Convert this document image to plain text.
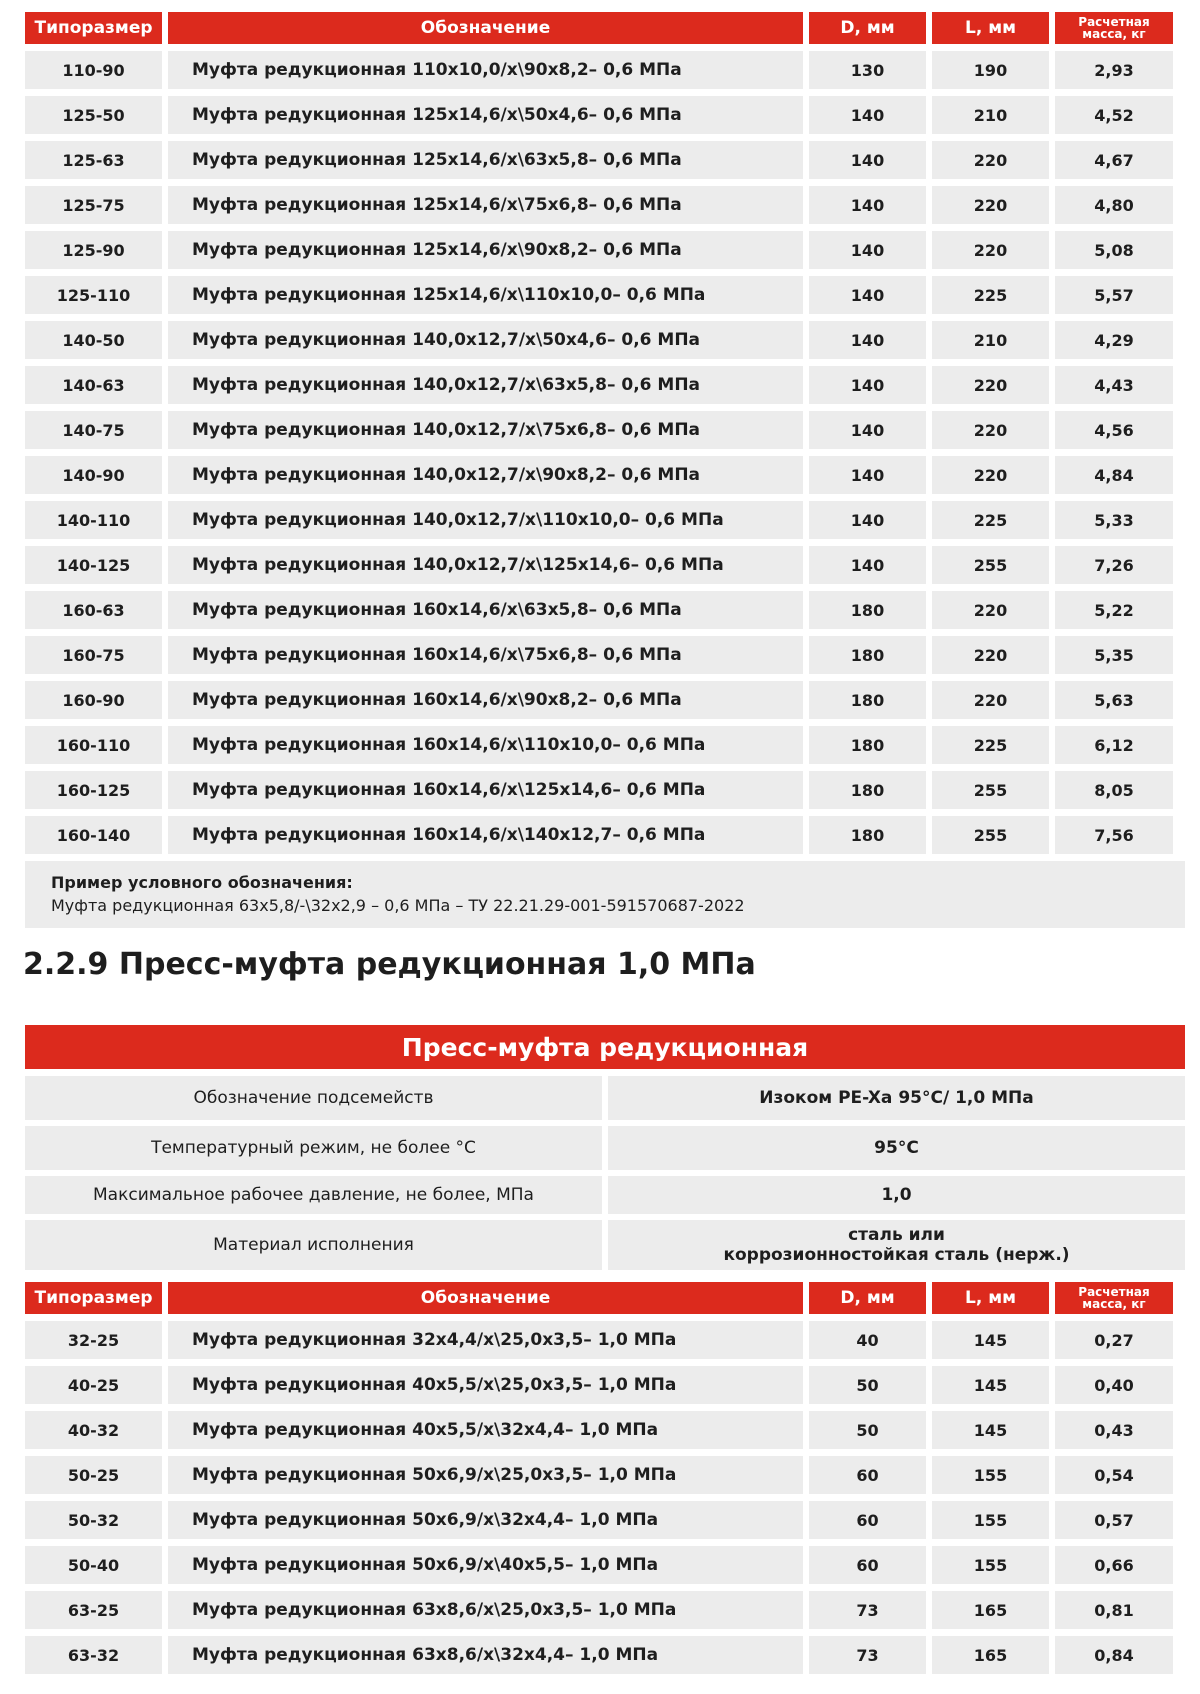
Типоразмер	Обозначение	D, мм	L, мм	Расчетная масса, кг
110-90	Муфта редукционная 110x10,0/x\90x8,2– 0,6 МПа	130	190	2,93
125-50	Муфта редукционная 125x14,6/x\50x4,6– 0,6 МПа	140	210	4,52
125-63	Муфта редукционная 125x14,6/x\63x5,8– 0,6 МПа	140	220	4,67
125-75	Муфта редукционная 125x14,6/x\75x6,8– 0,6 МПа	140	220	4,80
125-90	Муфта редукционная 125x14,6/x\90x8,2– 0,6 МПа	140	220	5,08
125-110	Муфта редукционная 125x14,6/x\110x10,0– 0,6 МПа	140	225	5,57
140-50	Муфта редукционная 140,0x12,7/x\50x4,6– 0,6 МПа	140	210	4,29
140-63	Муфта редукционная 140,0x12,7/x\63x5,8– 0,6 МПа	140	220	4,43
140-75	Муфта редукционная 140,0x12,7/x\75x6,8– 0,6 МПа	140	220	4,56
140-90	Муфта редукционная 140,0x12,7/x\90x8,2– 0,6 МПа	140	220	4,84
140-110	Муфта редукционная 140,0x12,7/x\110x10,0– 0,6 МПа	140	225	5,33
140-125	Муфта редукционная 140,0x12,7/x\125x14,6– 0,6 МПа	140	255	7,26
160-63	Муфта редукционная 160x14,6/x\63x5,8– 0,6 МПа	180	220	5,22
160-75	Муфта редукционная 160x14,6/x\75x6,8– 0,6 МПа	180	220	5,35
160-90	Муфта редукционная 160x14,6/x\90x8,2– 0,6 МПа	180	220	5,63
160-110	Муфта редукционная 160x14,6/x\110x10,0– 0,6 МПа	180	225	6,12
160-125	Муфта редукционная 160x14,6/x\125x14,6– 0,6 МПа	180	255	8,05
160-140	Муфта редукционная 160x14,6/x\140x12,7– 0,6 МПа	180	255	7,56
Пример условного обозначения:
Муфта редукционная 63x5,8/-\32x2,9 – 0,6 МПа – ТУ 22.21.29-001-591570687-2022
2.2.9 Пресс-муфта редукционная 1,0 МПа
Пресс-муфта редукционная
Обозначение подсемейств	Изоком PE-Xa 95°C/ 1,0 МПа
Температурный режим, не более °C	95°C
Максимальное рабочее давление, не более, МПа	1,0
Материал исполнения	сталь или
коррозионностойкая сталь (нерж.)
Типоразмер	Обозначение	D, мм	L, мм	Расчетная масса, кг
32-25	Муфта редукционная 32x4,4/x\25,0x3,5– 1,0 МПа	40	145	0,27
40-25	Муфта редукционная 40x5,5/x\25,0x3,5– 1,0 МПа	50	145	0,40
40-32	Муфта редукционная 40x5,5/x\32x4,4– 1,0 МПа	50	145	0,43
50-25	Муфта редукционная 50x6,9/x\25,0x3,5– 1,0 МПа	60	155	0,54
50-32	Муфта редукционная 50x6,9/x\32x4,4– 1,0 МПа	60	155	0,57
50-40	Муфта редукционная 50x6,9/x\40x5,5– 1,0 МПа	60	155	0,66
63-25	Муфта редукционная 63x8,6/x\25,0x3,5– 1,0 МПа	73	165	0,81
63-32	Муфта редукционная 63x8,6/x\32x4,4– 1,0 МПа	73	165	0,84
